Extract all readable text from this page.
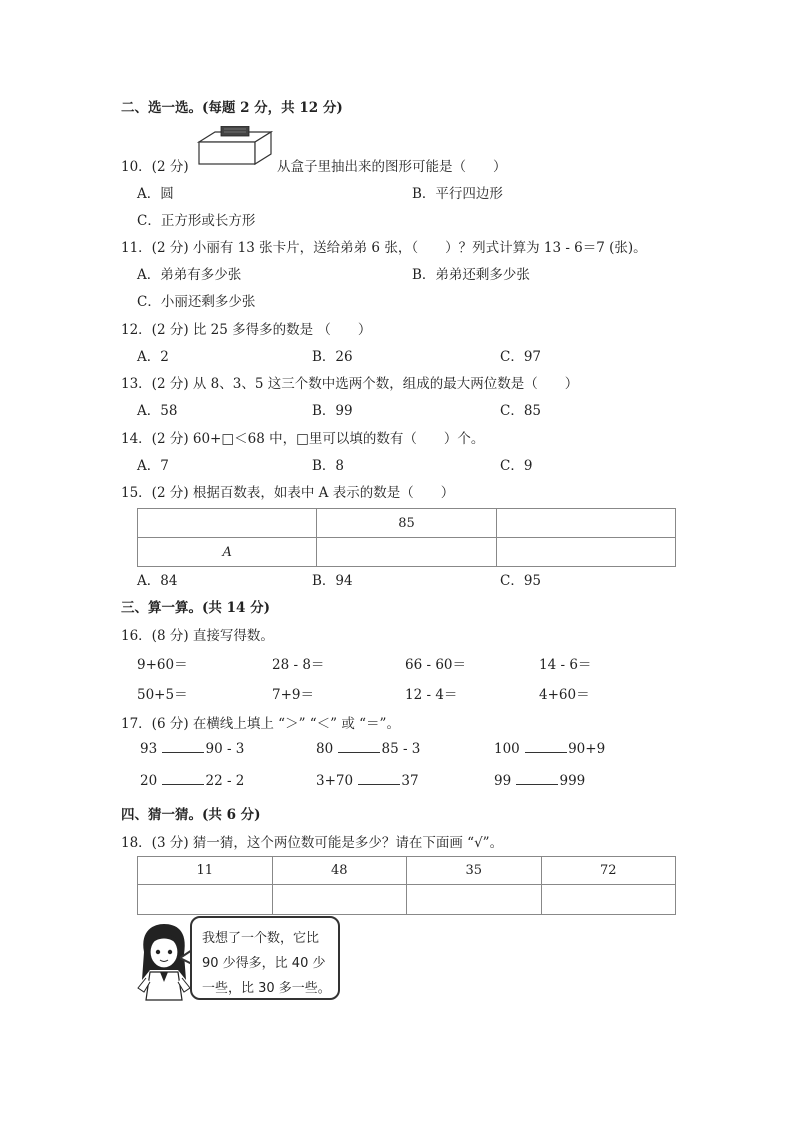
二、选一选。(每题 2 分，共 12 分)
10．(2 分)	从盒子里抽出来的图形可能是（　　）
A．圆	B．平行四边形
C．正方形或长方形
11．(2 分) 小丽有 13 张卡片，送给弟弟 6 张，（　　）？列式计算为 13 - 6＝7 (张)。
A．弟弟有多少张	B．弟弟还剩多少张
C．小丽还剩多少张
12．(2 分) 比 25 多得多的数是 （　　）
A．2	B．26	C．97
13．(2 分) 从 8、3、5 这三个数中选两个数，组成的最大两位数是（　　）
A．58	B．99	C．85
14．(2 分) 60+□＜68 中，□里可以填的数有（　　）个。
A．7	B．8	C．9
15．(2 分) 根据百数表，如表中 A 表示的数是（　　）
	85	
A		
A．84	B．94	C．95
三、算一算。(共 14 分)
16．(8 分) 直接写得数。
9+60＝	28 - 8＝	66 - 60＝	14 - 6＝
50+5＝	7+9＝	12 - 4＝	4+60＝
17．(6 分) 在横线上填上 “＞” “＜” 或 “＝”。
93	90 - 3	80	85 - 3	100	90+9
20	22 - 2	3+70	37	99	999
四、猜一猜。(共 6 分)
18．(3 分) 猜一猜，这个两位数可能是多少？请在下面画 “√”。
11	48	35	72

我想了一个数，它比 90 少得多，比 40 少一些，比 30 多一些。
